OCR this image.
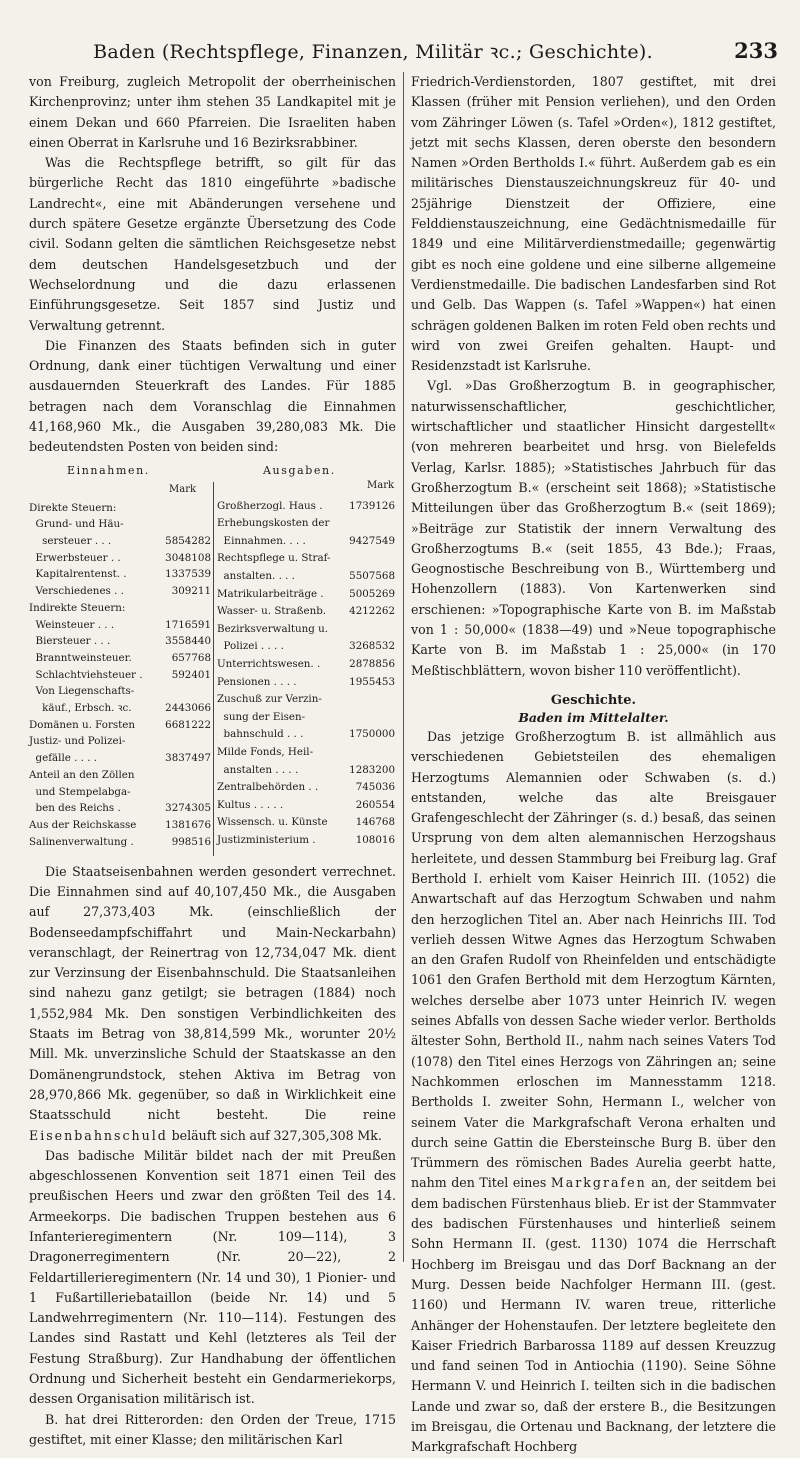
Baden (Rechtspflege, Finanzen, Militär ꝛc.; Geschichte).	233

von Freiburg, zugleich Metropolit der oberrheinischen Kirchenprovinz; unter ihm stehen 35 Landkapitel mit je einem Dekan und 660 Pfarreien. Die Israeliten haben einen Oberrat in Karlsruhe und 16 Bezirksrabbiner.

Was die Rechtspflege betrifft, so gilt für das bürgerliche Recht das 1810 eingeführte »badische Landrecht«, eine mit Abänderungen versehene und durch spätere Gesetze ergänzte Übersetzung des Code civil. Sodann gelten die sämtlichen Reichsgesetze nebst dem deutschen Handelsgesetzbuch und der Wechselordnung und die dazu erlassenen Einführungsgesetze. Seit 1857 sind Justiz und Verwaltung getrennt.

Die Finanzen des Staats befinden sich in guter Ordnung, dank einer tüchtigen Verwaltung und einer ausdauernden Steuerkraft des Landes. Für 1885 betragen nach dem Voranschlag die Einnahmen 41,168,960 Mk., die Ausgaben 39,280,083 Mk. Die bedeutendsten Posten von beiden sind:

Einnahmen.	Ausgaben.
Mark	Mark
Direkte Steuern:
Grund- und Häu-
sersteuer . . .	5854282
Erwerbsteuer . .	3048108
Kapitalrentenst. .	1337539
Verschiedenes . .	309211
Indirekte Steuern:
Weinsteuer . . .	1716591
Biersteuer . . .	3558440
Branntweinsteuer.	657768
Schlachtviehsteuer .	592401
Von Liegenschafts-
käuf., Erbsch. ꝛc.	2443066
Domänen u. Forsten	6681222
Justiz- und Polizei-
gefälle . . . .	3837497
Anteil an den Zöllen
und Stempelabga-
ben des Reichs .	3274305
Aus der Reichskasse	1381676
Salinenverwaltung .	998516
Großherzogl. Haus .	1739126
Erhebungskosten der
Einnahmen. . . .	9427549
Rechtspflege u. Straf-
anstalten. . . .	5507568
Matrikularbeiträge . 5005269
Wasser- u. Straßenb. 4212262
Bezirksverwaltung u.
Polizei . . . .	3268532
Unterrichtswesen. .	2878856
Pensionen . . . .	1955453
Zuschuß zur Verzin-
sung der Eisen-
bahnschuld . . .	1750000
Milde Fonds, Heil-
anstalten . . . .	1283200
Zentralbehörden . .	745036
Kultus . . . . .	260554
Wissensch. u. Künste	146768
Justizministerium .	108016

Die Staatseisenbahnen werden gesondert verrechnet. Die Einnahmen sind auf 40,107,450 Mk., die Ausgaben auf 27,373,403 Mk. (einschließlich der Bodenseedampfschiffahrt und Main-Neckarbahn) veranschlagt, der Reinertrag von 12,734,047 Mk. dient zur Verzinsung der Eisenbahnschuld. Die Staatsanleihen sind nahezu ganz getilgt; sie betragen (1884) noch 1,552,984 Mk. Den sonstigen Verbindlichkeiten des Staats im Betrag von 38,814,599 Mk., worunter 20½ Mill. Mk. unverzinsliche Schuld der Staatskasse an den Domänengrundstock, stehen Aktiva im Betrag von 28,970,866 Mk. gegenüber, so daß in Wirklichkeit eine Staatsschuld nicht besteht. Die reine Eisenbahnschuld beläuft sich auf 327,305,308 Mk.

Das badische Militär bildet nach der mit Preußen abgeschlossenen Konvention seit 1871 einen Teil des preußischen Heers und zwar den größten Teil des 14. Armeekorps. Die badischen Truppen bestehen aus 6 Infanterieregimentern (Nr. 109—114), 3 Dragonerregimentern (Nr. 20—22), 2 Feldartillerieregimentern (Nr. 14 und 30), 1 Pionier- und 1 Fußartilleriebataillon (beide Nr. 14) und 5 Landwehrregimentern (Nr. 110—114). Festungen des Landes sind Rastatt und Kehl (letzteres als Teil der Festung Straßburg). Zur Handhabung der öffentlichen Ordnung und Sicherheit besteht ein Gendarmeriekorps, dessen Organisation militärisch ist.

B. hat drei Ritterorden: den Orden der Treue, 1715 gestiftet, mit einer Klasse; den militärischen Karl

Friedrich-Verdienstorden, 1807 gestiftet, mit drei Klassen (früher mit Pension verliehen), und den Orden vom Zähringer Löwen (s. Tafel »Orden«), 1812 gestiftet, jetzt mit sechs Klassen, deren oberste den besondern Namen »Orden Bertholds I.« führt. Außerdem gab es ein militärisches Dienstauszeichnungskreuz für 40- und 25jährige Dienstzeit der Offiziere, eine Felddienstauszeichnung, eine Gedächtnismedaille für 1849 und eine Militärverdienstmedaille; gegenwärtig gibt es noch eine goldene und eine silberne allgemeine Verdienstmedaille. Die badischen Landesfarben sind Rot und Gelb. Das Wappen (s. Tafel »Wappen«) hat einen schrägen goldenen Balken im roten Feld oben rechts und wird von zwei Greifen gehalten. Haupt- und Residenzstadt ist Karlsruhe.

Vgl. »Das Großherzogtum B. in geographischer, naturwissenschaftlicher, geschichtlicher, wirtschaftlicher und staatlicher Hinsicht dargestellt« (von mehreren bearbeitet und hrsg. von Bielefelds Verlag, Karlsr. 1885); »Statistisches Jahrbuch für das Großherzogtum B.« (erscheint seit 1868); »Statistische Mitteilungen über das Großherzogtum B.« (seit 1869); »Beiträge zur Statistik der innern Verwaltung des Großherzogtums B.« (seit 1855, 43 Bde.); Fraas, Geognostische Beschreibung von B., Württemberg und Hohenzollern (1883). Von Kartenwerken sind erschienen: »Topographische Karte von B. im Maßstab von 1 : 50,000« (1838—49) und »Neue topographische Karte von B. im Maßstab 1 : 25,000« (in 170 Meßtischblättern, wovon bisher 110 veröffentlicht).

Geschichte.
Baden im Mittelalter.

Das jetzige Großherzogtum B. ist allmählich aus verschiedenen Gebietsteilen des ehemaligen Herzogtums Alemannien oder Schwaben (s. d.) entstanden, welche das alte Breisgauer Grafengeschlecht der Zähringer (s. d.) besaß, das seinen Ursprung von dem alten alemannischen Herzogshaus herleitete, und dessen Stammburg bei Freiburg lag. Graf Berthold I. erhielt vom Kaiser Heinrich III. (1052) die Anwartschaft auf das Herzogtum Schwaben und nahm den herzoglichen Titel an. Aber nach Heinrichs III. Tod verlieh dessen Witwe Agnes das Herzogtum Schwaben an den Grafen Rudolf von Rheinfelden und entschädigte 1061 den Grafen Berthold mit dem Herzogtum Kärnten, welches derselbe aber 1073 unter Heinrich IV. wegen seines Abfalls von dessen Sache wieder verlor. Bertholds ältester Sohn, Berthold II., nahm nach seines Vaters Tod (1078) den Titel eines Herzogs von Zähringen an; seine Nachkommen erloschen im Mannesstamm 1218. Bertholds I. zweiter Sohn, Hermann I., welcher von seinem Vater die Markgrafschaft Verona erhalten und durch seine Gattin die Ebersteinsche Burg B. über den Trümmern des römischen Bades Aurelia geerbt hatte, nahm den Titel eines Markgrafen an, der seitdem bei dem badischen Fürstenhaus blieb. Er ist der Stammvater des badischen Fürstenhauses und hinterließ seinem Sohn Hermann II. (gest. 1130) 1074 die Herrschaft Hochberg im Breisgau und das Dorf Backnang an der Murg. Dessen beide Nachfolger Hermann III. (gest. 1160) und Hermann IV. waren treue, ritterliche Anhänger der Hohenstaufen. Der letztere begleitete den Kaiser Friedrich Barbarossa 1189 auf dessen Kreuzzug und fand seinen Tod in Antiochia (1190). Seine Söhne Hermann V. und Heinrich I. teilten sich in die badischen Lande und zwar so, daß der erstere B., die Besitzungen im Breisgau, die Ortenau und Backnang, der letztere die Markgrafschaft Hochberg
